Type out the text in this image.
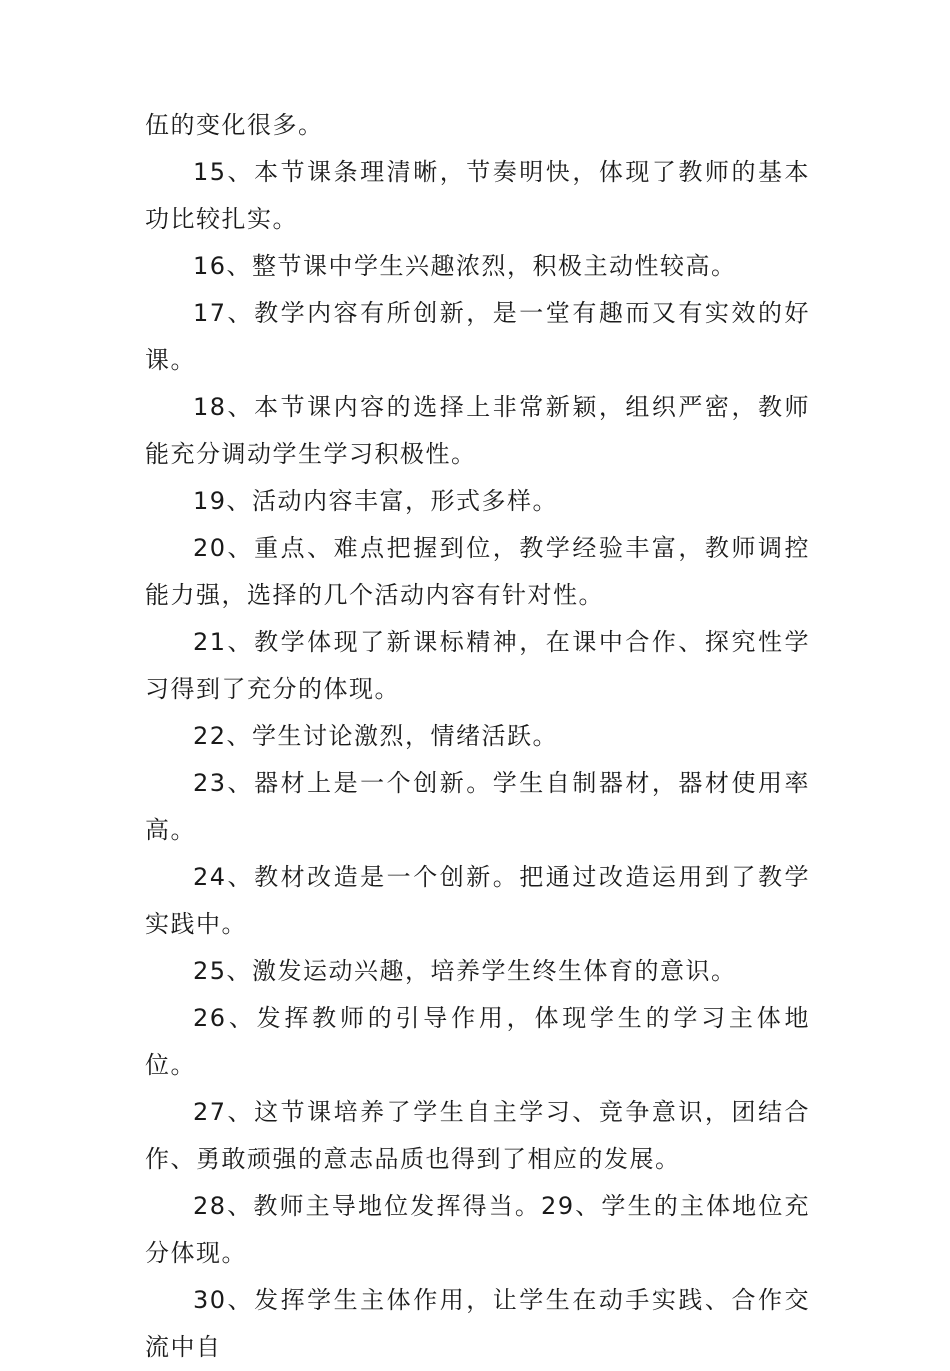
伍的变化很多。

15、本节课条理清晰，节奏明快，体现了教师的基本功比较扎实。

16、整节课中学生兴趣浓烈，积极主动性较高。

17、教学内容有所创新，是一堂有趣而又有实效的好课。

18、本节课内容的选择上非常新颖，组织严密，教师能充分调动学生学习积极性。

19、活动内容丰富，形式多样。

20、重点、难点把握到位，教学经验丰富，教师调控能力强，选择的几个活动内容有针对性。

21、教学体现了新课标精神，在课中合作、探究性学习得到了充分的体现。

22、学生讨论激烈，情绪活跃。

23、器材上是一个创新。学生自制器材，器材使用率高。

24、教材改造是一个创新。把通过改造运用到了教学实践中。

25、激发运动兴趣，培养学生终生体育的意识。

26、发挥教师的引导作用，体现学生的学习主体地位。

27、这节课培养了学生自主学习、竞争意识，团结合作、勇敢顽强的意志品质也得到了相应的发展。

28、教师主导地位发挥得当。29、学生的主体地位充分体现。

30、发挥学生主体作用，让学生在动手实践、合作交流中自
